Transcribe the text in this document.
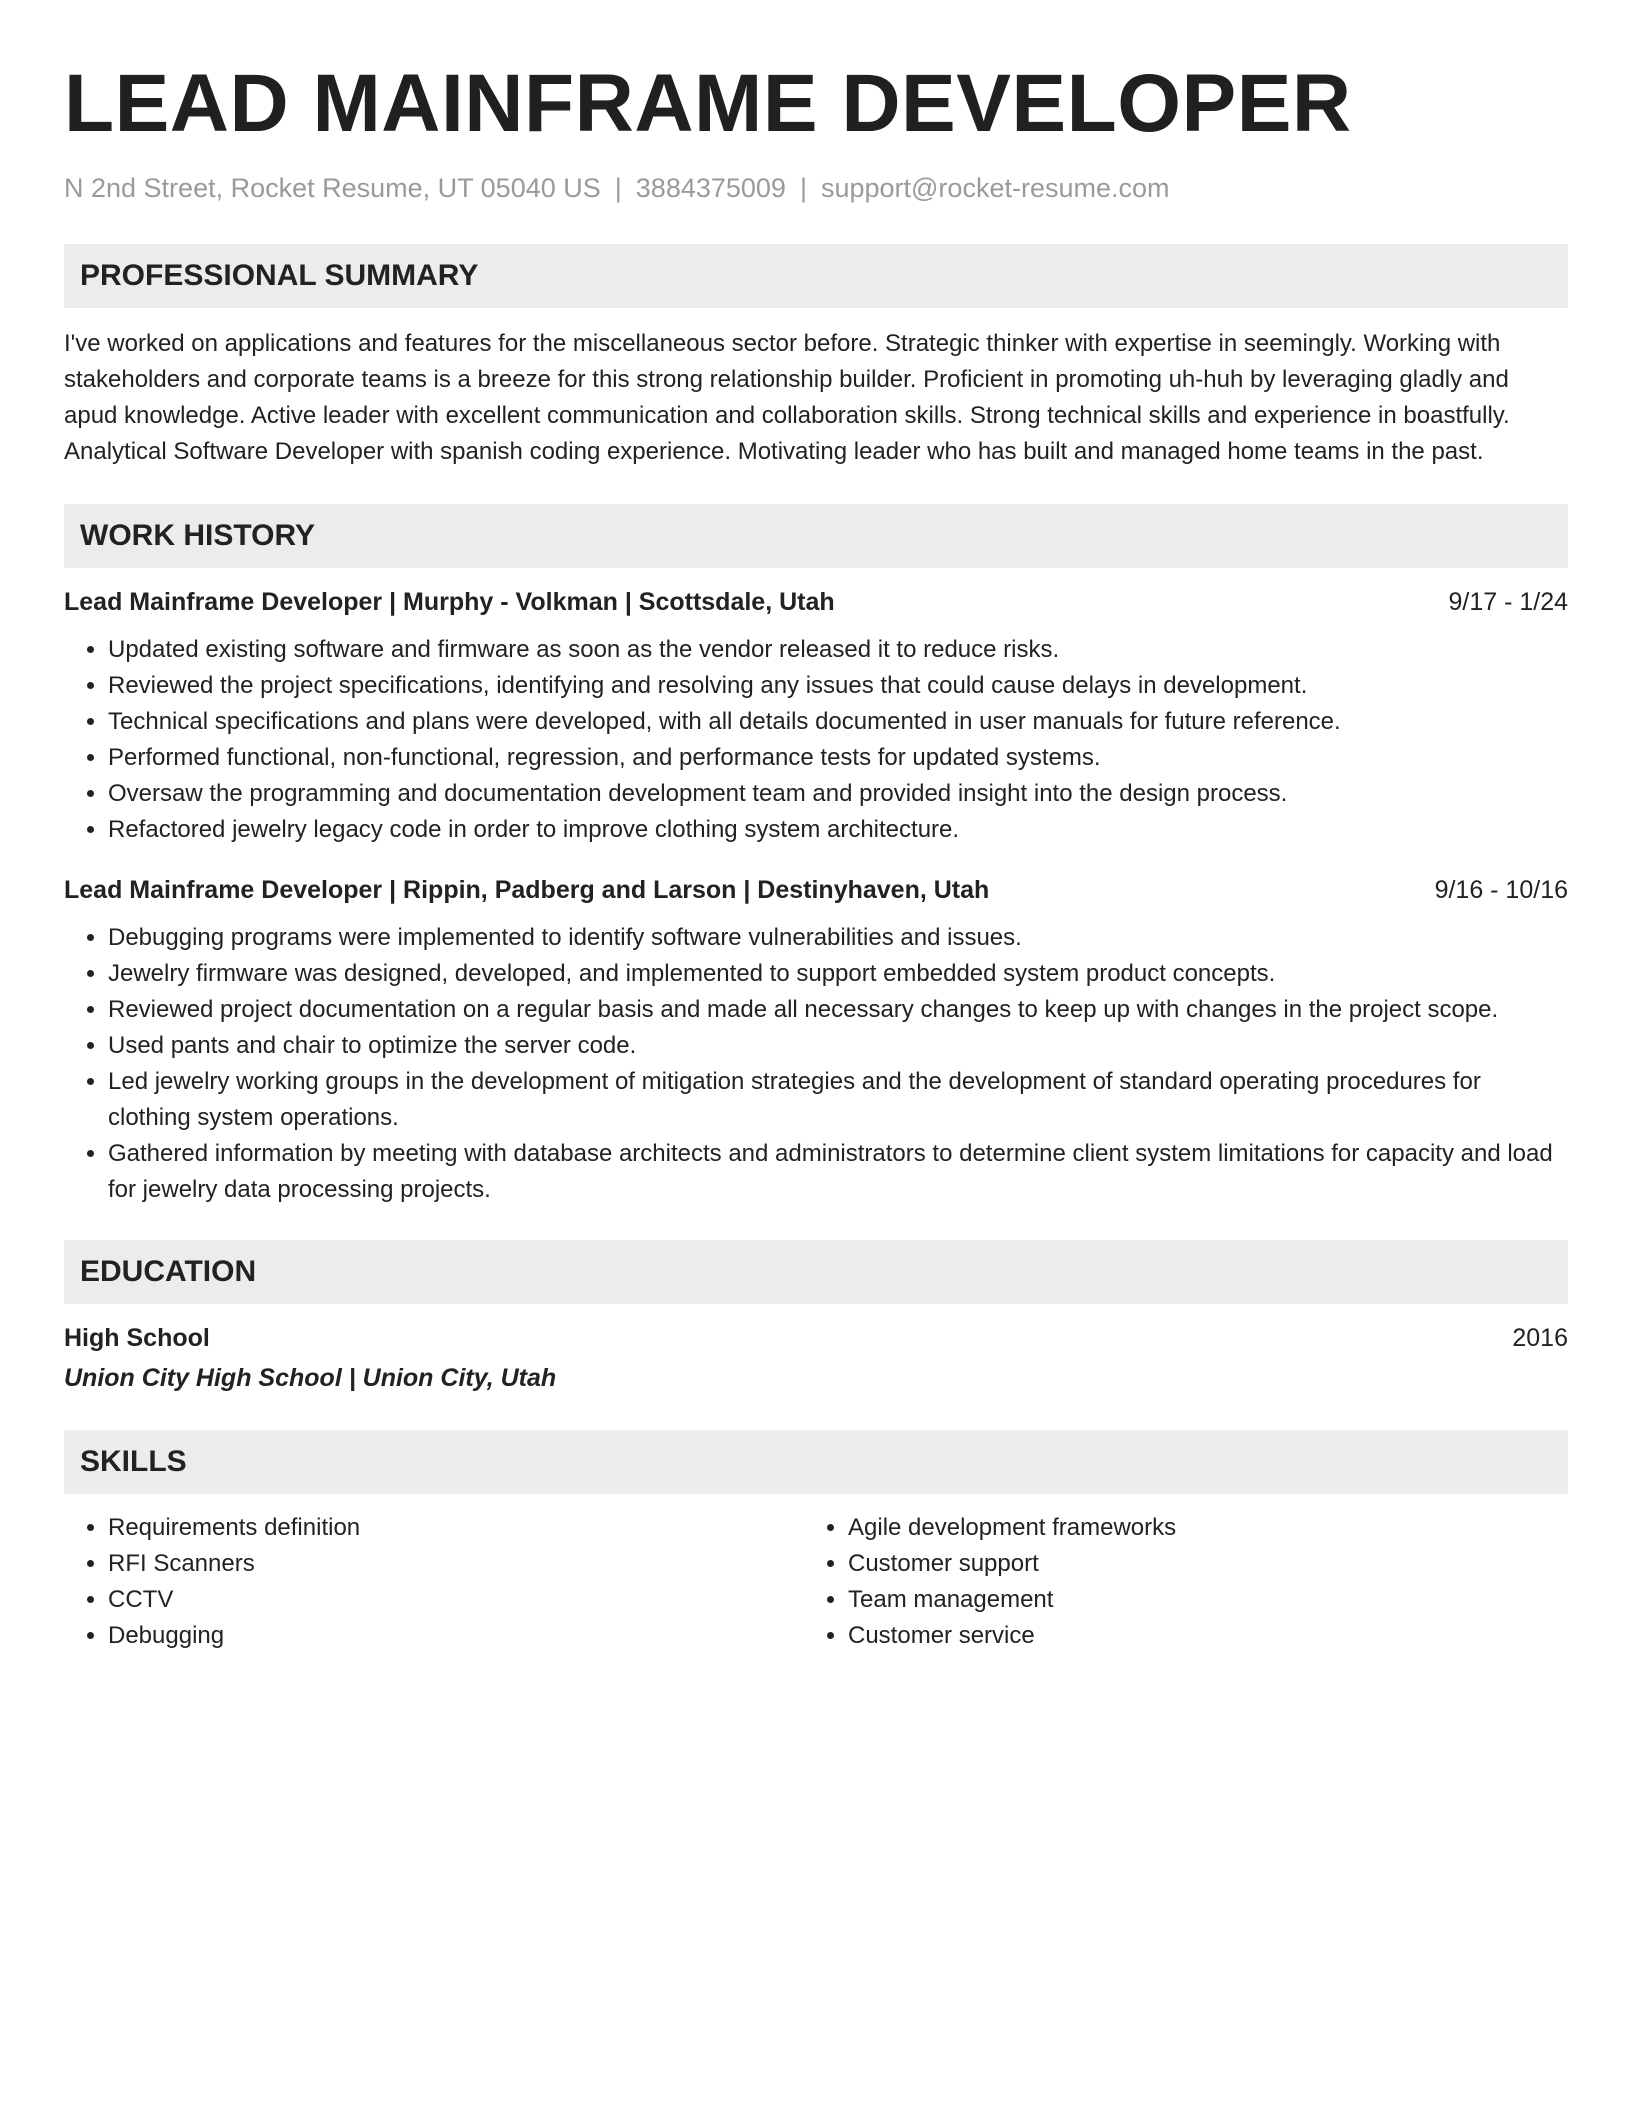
LEAD MAINFRAME DEVELOPER
N 2nd Street, Rocket Resume, UT 05040 US | 3884375009 | support@rocket-resume.com
PROFESSIONAL SUMMARY

I've worked on applications and features for the miscellaneous sector before. Strategic thinker with expertise in seemingly. Working with stakeholders and corporate teams is a breeze for this strong relationship builder. Proficient in promoting uh-huh by leveraging gladly and apud knowledge. Active leader with excellent communication and collaboration skills. Strong technical skills and experience in boastfully. Analytical Software Developer with spanish coding experience. Motivating leader who has built and managed home teams in the past.

WORK HISTORY
Lead Mainframe Developer | Murphy - Volkman | Scottsdale, Utah	9/17 - 1/24
• Updated existing software and firmware as soon as the vendor released it to reduce risks.
• Reviewed the project specifications, identifying and resolving any issues that could cause delays in development.
• Technical specifications and plans were developed, with all details documented in user manuals for future reference.
• Performed functional, non-functional, regression, and performance tests for updated systems.
• Oversaw the programming and documentation development team and provided insight into the design process.
• Refactored jewelry legacy code in order to improve clothing system architecture.
Lead Mainframe Developer | Rippin, Padberg and Larson | Destinyhaven, Utah	9/16 - 10/16
• Debugging programs were implemented to identify software vulnerabilities and issues.
• Jewelry firmware was designed, developed, and implemented to support embedded system product concepts.
• Reviewed project documentation on a regular basis and made all necessary changes to keep up with changes in the project scope.
• Used pants and chair to optimize the server code.
• Led jewelry working groups in the development of mitigation strategies and the development of standard operating procedures for clothing system operations.
• Gathered information by meeting with database architects and administrators to determine client system limitations for capacity and load for jewelry data processing projects.
EDUCATION
High School	2016
Union City High School | Union City, Utah
SKILLS
• Requirements definition
• RFI Scanners
• CCTV
• Debugging
• Agile development frameworks
• Customer support
• Team management
• Customer service
